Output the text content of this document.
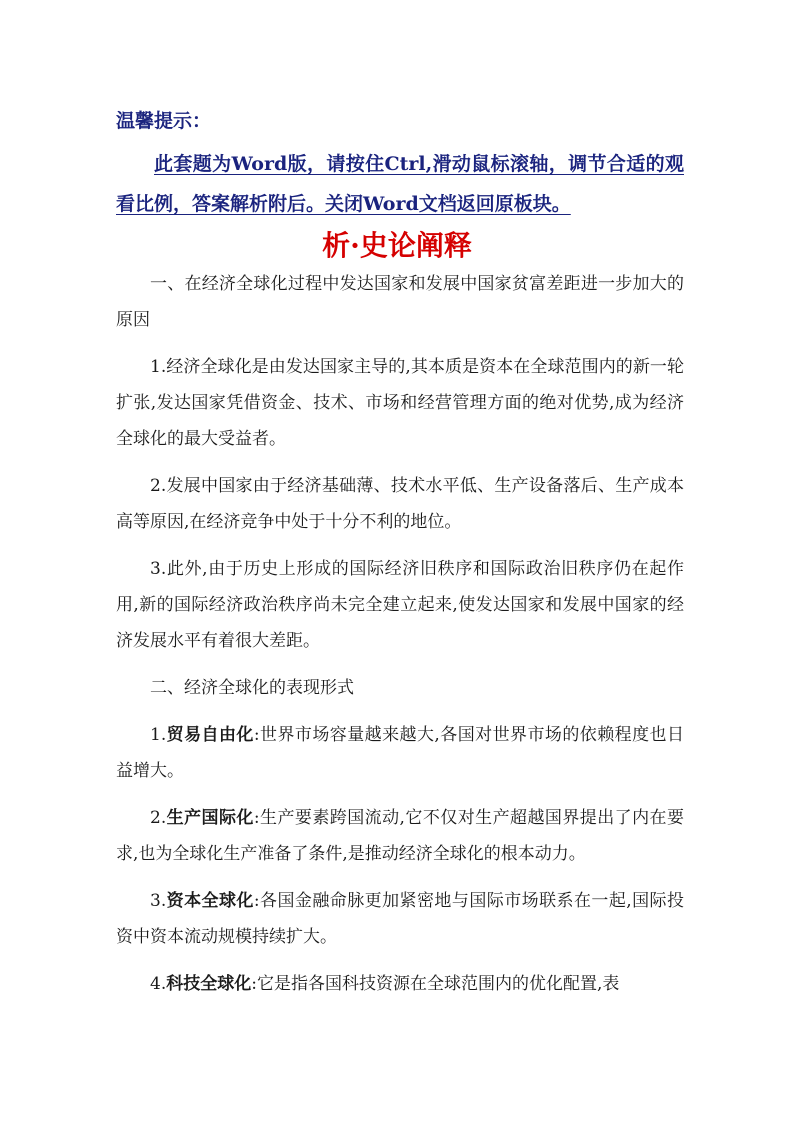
温馨提示：

此套题为Word版，请按住Ctrl,滑动鼠标滚轴，调节合适的观看比例，答案解析附后。关闭Word文档返回原板块。

析·史论阐释

一、在经济全球化过程中发达国家和发展中国家贫富差距进一步加大的原因

1.经济全球化是由发达国家主导的,其本质是资本在全球范围内的新一轮扩张,发达国家凭借资金、技术、市场和经营管理方面的绝对优势,成为经济全球化的最大受益者。

2.发展中国家由于经济基础薄、技术水平低、生产设备落后、生产成本高等原因,在经济竞争中处于十分不利的地位。

3.此外,由于历史上形成的国际经济旧秩序和国际政治旧秩序仍在起作用,新的国际经济政治秩序尚未完全建立起来,使发达国家和发展中国家的经济发展水平有着很大差距。

二、经济全球化的表现形式

1.贸易自由化:世界市场容量越来越大,各国对世界市场的依赖程度也日益增大。

2.生产国际化:生产要素跨国流动,它不仅对生产超越国界提出了内在要求,也为全球化生产准备了条件,是推动经济全球化的根本动力。

3.资本全球化:各国金融命脉更加紧密地与国际市场联系在一起,国际投资中资本流动规模持续扩大。

4.科技全球化:它是指各国科技资源在全球范围内的优化配置,表
